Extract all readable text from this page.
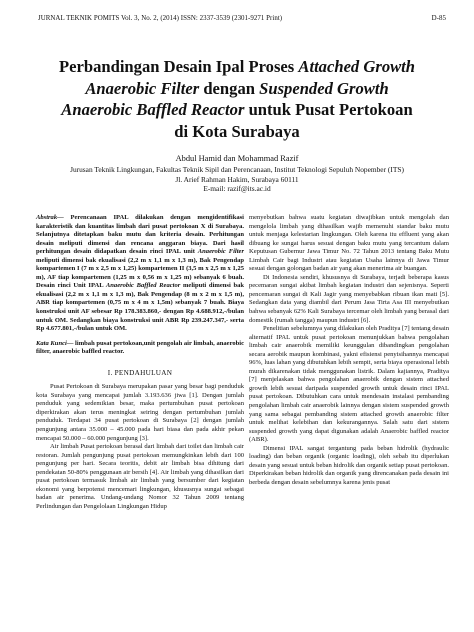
JURNAL TEKNIK POMITS Vol. 3, No. 2, (2014) ISSN: 2337-3539 (2301-9271 Print)	D-85
Perbandingan Desain Ipal Proses Attached Growth
Anaerobic Filter dengan Suspended Growth
Anaerobic Baffled Reactor untuk Pusat Pertokoan
di Kota Surabaya
Abdul Hamid dan Mohammad Razif
Jurusan Teknik Lingkungan, Fakultas Teknik Sipil dan Perencanaan, Institut Teknologi Sepuluh Nopember (ITS)
Jl. Arief Rahman Hakim, Surabaya 60111
E-mail: razif@its.ac.id

Abstrak— Perencanaan IPAL dilakukan dengan mengidentifikasi karakteristik dan kuantitas limbah dari pusat pertokoan X di Surabaya. Selanjutnya ditetapkan baku mutu dan kriteria desain. Perhitungan desain meliputi dimensi dan rencana anggaran biaya. Dari hasil perhitungan desain didapatkan desain rinci IPAL unit Anaerobic Filter meliputi dimensi bak ekualisasi (2,2 m x 1,1 m x 1,3 m), Bak Pengendap kompartemen I (7 m x 2,5 m x 1,25) kompartemen II (3,5 m x 2,5 m x 1,25 m), AF tiap kompartemen (1,25 m x 0,56 m x 1,25 m) sebanyak 6 buah. Desain rinci Unit IPAL Anaerobic Baffled Reactor meliputi dimensi bak ekualisasi (2,2 m x 1,1 m x 1,3 m), Bak Pengendap (8 m x 2 m x 1,5 m), ABR tiap kompartemen (0,75 m x 4 m x 1,5m) sebanyak 7 buah. Biaya konstruksi unit AF sebesar Rp 178.383.860,- dengan Rp 4.688.912,-/bulan untuk OM. Sedangkan biaya konstruksi unit ABR Rp 239.247.347,- serta Rp 4.677.801,-/bulan untuk OM.

Kata Kunci— limbah pusat pertokoan,unit pengolah air limbah, anaerobic filter, anaerobic baffled reactor.

I. PENDAHULUAN

Pusat Pertokoan di Surabaya merupakan pasar yang besar bagi penduduk kota Surabaya yang mencapai jumlah 3.193.636 jiwa [1]. Dengan jumlah penduduk yang sedemikian besar, maka pertumbuhan pusat pertokoan diperkirakan akan terus meningkat seiring dengan pertumbuhan jumlah penduduk. Terdapat 34 pusat pertokoan di Surabaya [2] dengan jumlah pengunjung antara 35.000 – 45.000 pada hari biasa dan pada akhir pekan mencapai 50.000 – 60.000 pengunjung [3].

Air limbah Pusat pertokoan berasal dari limbah dari toilet dan limbah cair restoran. Jumlah pengunjung pusat pertokoan memungkinkan lebih dari 100 pengunjung per hari. Secara teoritis, debit air limbah bisa dihitung dari pendekatan 50-80% penggunaan air bersih [4]. Air limbah yang dihasilkan dari pusat pertokoan termasuk limbah air limbah yang bersumber dari kegiatan ekonomi yang berpotensi mencemari lingkungan, khususnya sungai sebagai badan air penerima. Undang-undang Nomor 32 Tahun 2009 tentang Perlindungan dan Pengelolaan Lingkungan Hidup

menyebutkan bahwa suatu kegiatan diwajibkan untuk mengolah dan mengelola limbah yang dihasilkan wajib memenuhi standar baku mutu untuk menjaga kelestarian lingkungan. Oleh karena itu effluent yang akan dibuang ke sungai harus sesuai dengan baku mutu yang tercantum dalam Keputusan Gubernur Jawa Timur No. 72 Tahun 2013 tentang Baku Mutu Limbah Cair bagi Industri atau kegiatan Usaha lainnya di Jawa Timur sesuai dengan golongan badan air yang akan menerima air buangan.

Di Indonesia sendiri, khususnya di Surabaya, terjadi beberapa kasus pecemaran sungai akibat limbah kegiatan industri dan sejenisnya. Seperti pencemaran sungai di Kali Jagir yang menyebabkan ribuan ikan mati [5]. Sedangkan data yang diambil dari Perum Jasa Tirta Asa III menyebutkan bahwa sebanyak 62% Kali Surabaya tercemar oleh limbah yang berasal dari domestik (rumah tangga) maupun industri [6].

Penelitian sebelumnya yang dilakukan oleh Praditya [7] tentang desain alternatif IPAL untuk pusat pertokoan menunjukkan bahwa pengolahan limbah cair anaerobik memiliki keunggulan dibandingkan pengolahan secara aerobik maupun kombinasi, yakni efisiensi penyisihannya mencapai 96%, luas lahan yang dibutuhkan lebih sempit, serta biaya operasional lebih murah dikarenakan tidak menggunakan listrik. Dalam kajiannya, Praditya [7] menjelaskan bahwa pengolahan anaerobik dengan sistem attached growth lebih sesuai daripada suspended growth untuk desain rinci IPAL pusat pertokoan. Dibutuhkan cara untuk mendesain instalasi pembanding pengolahan limbah cair anaerobik lainnya dengan sistem suspended growth yang sama sebagai pembanding sistem attached growth anaerobic filter untuk melihat kelebihan dan kekurangannya. Salah satu dari sistem suspended growth yang dapat digunakan adalah Anaerobic baffled reactor (ABR).

Dimensi IPAL sangat tergantung pada beban hidrolik (hydraulic loading) dan beban organik (organic loading), oleh sebab itu diperlukan desain yang sesuai untuk beban hidrolik dan organik setiap pusat pertokoan. Diperkirakan beban hidrolik dan organik yang direncanakan pada desain ini berbeda dengan desain sebelumnya karena jenis pusat
